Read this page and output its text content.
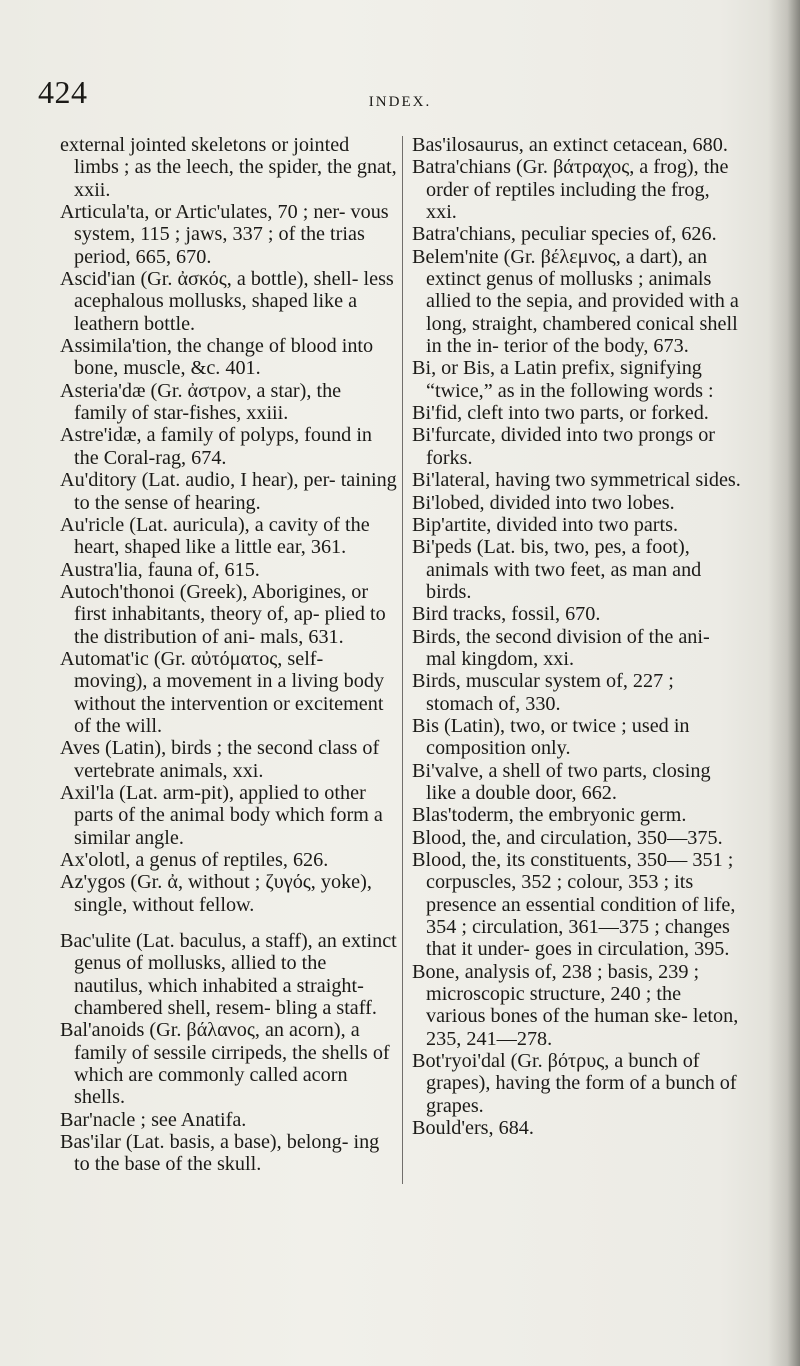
424	INDEX.

external jointed skeletons or jointed limbs ; as the leech, the spider, the gnat, xxii.

Articula'ta, or Artic'ulates, 70 ; ner- vous system, 115 ; jaws, 337 ; of the trias period, 665, 670.

Ascid'ian (Gr. ἀσκός, a bottle), shell- less acephalous mollusks, shaped like a leathern bottle.

Assimila'tion, the change of blood into bone, muscle, &c. 401.

Asteria'dæ (Gr. ἀστρον, a star), the family of star-fishes, xxiii.

Astre'idæ, a family of polyps, found in the Coral-rag, 674.

Au'ditory (Lat. audio, I hear), per- taining to the sense of hearing.

Au'ricle (Lat. auricula), a cavity of the heart, shaped like a little ear, 361.

Austra'lia, fauna of, 615.

Autoch'thonoi (Greek), Aborigines, or first inhabitants, theory of, ap- plied to the distribution of ani- mals, 631.

Automat'ic (Gr. αὐτόματος, self- moving), a movement in a living body without the intervention or excitement of the will.

Aves (Latin), birds ; the second class of vertebrate animals, xxi.

Axil'la (Lat. arm-pit), applied to other parts of the animal body which form a similar angle.

Ax'olotl, a genus of reptiles, 626.

Az'ygos (Gr. ἀ, without ; ζυγός, yoke), single, without fellow.

Bac'ulite (Lat. baculus, a staff), an extinct genus of mollusks, allied to the nautilus, which inhabited a straight-chambered shell, resem- bling a staff.

Bal'anoids (Gr. βάλανος, an acorn), a family of sessile cirripeds, the shells of which are commonly called acorn shells.

Bar'nacle ; see Anatifa.

Bas'ilar (Lat. basis, a base), belong- ing to the base of the skull.

Bas'ilosaurus, an extinct cetacean, 680.

Batra'chians (Gr. βάτραχος, a frog), the order of reptiles including the frog, xxi.

Batra'chians, peculiar species of, 626.

Belem'nite (Gr. βέλεμνος, a dart), an extinct genus of mollusks ; animals allied to the sepia, and provided with a long, straight, chambered conical shell in the in- terior of the body, 673.

Bi, or Bis, a Latin prefix, signifying “twice,” as in the following words :

Bi'fid, cleft into two parts, or forked.

Bi'furcate, divided into two prongs or forks.

Bi'lateral, having two symmetrical sides.

Bi'lobed, divided into two lobes.

Bip'artite, divided into two parts.

Bi'peds (Lat. bis, two, pes, a foot), animals with two feet, as man and birds.

Bird tracks, fossil, 670.

Birds, the second division of the ani- mal kingdom, xxi.

Birds, muscular system of, 227 ; stomach of, 330.

Bis (Latin), two, or twice ; used in composition only.

Bi'valve, a shell of two parts, closing like a double door, 662.

Blas'toderm, the embryonic germ.

Blood, the, and circulation, 350—375.

Blood, the, its constituents, 350— 351 ; corpuscles, 352 ; colour, 353 ; its presence an essential condition of life, 354 ; circulation, 361—375 ; changes that it under- goes in circulation, 395.

Bone, analysis of, 238 ; basis, 239 ; microscopic structure, 240 ; the various bones of the human ske- leton, 235, 241—278.

Bot'ryoi'dal (Gr. βότρυς, a bunch of grapes), having the form of a bunch of grapes.

Bould'ers, 684.
